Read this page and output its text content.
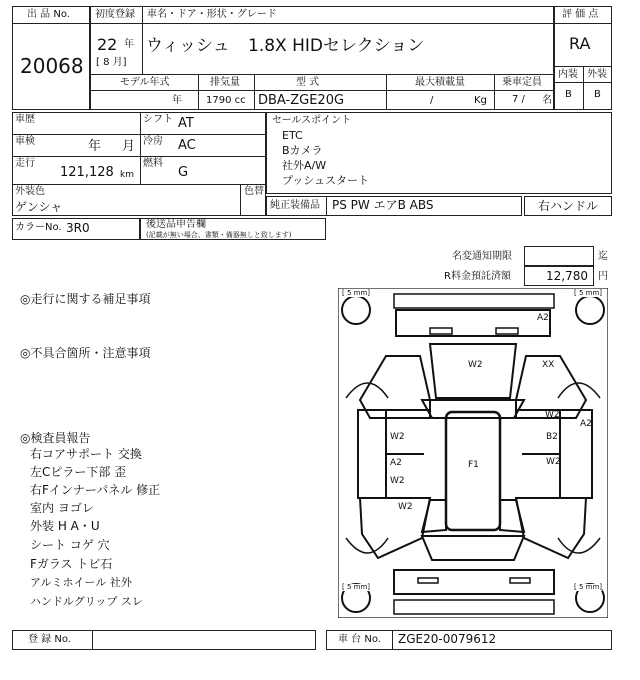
出 品 No.
20068
初度登録 車名・ドア・形状・グレード
22 年
[ 8 月]
ウィッシュ 1.8X HIDセレクション
モデル年式	排気量	型 式	最大積載量	乗車定員
年 1790 cc DBA-ZGE20G	/	Kg	7 / 名
評 価 点
RA
内装 外装
B B
車歴	シフト AT
車検	年 月 冷房 AC
走行
121,128 km
燃料
G
外装色
ゲンシャ
色替
セールスポイント
ETC
Bカメラ
社外A/W
プッシュスタート
純正装備品 PS PW エアB ABS	右ハンドル
カラーNo. 3R0	後送品申告欄
(記載が無い場合、書類・備器無しと致します)
名変通知期限	迄
R料金預託済額	12,780 円
◎走行に関する補足事項
◎不具合箇所・注意事項
◎検査員報告
右コアサポート 交換
左Cピラー下部 歪
右Fインナーパネル 修正
室内 ヨゴレ
外装 H A・U
シート コゲ 穴
Fガラス トビ石
アルミホイール 社外
ハンドルグリップ スレ
[ 5 mm]	[ 5 mm]
[ 5 mm]	[ 5 mm]
A2
W2	XX
W2
B2
A2
W2
A2	F1
W2
W2
W2
登 録 No.	車 台 No. ZGE20-0079612
